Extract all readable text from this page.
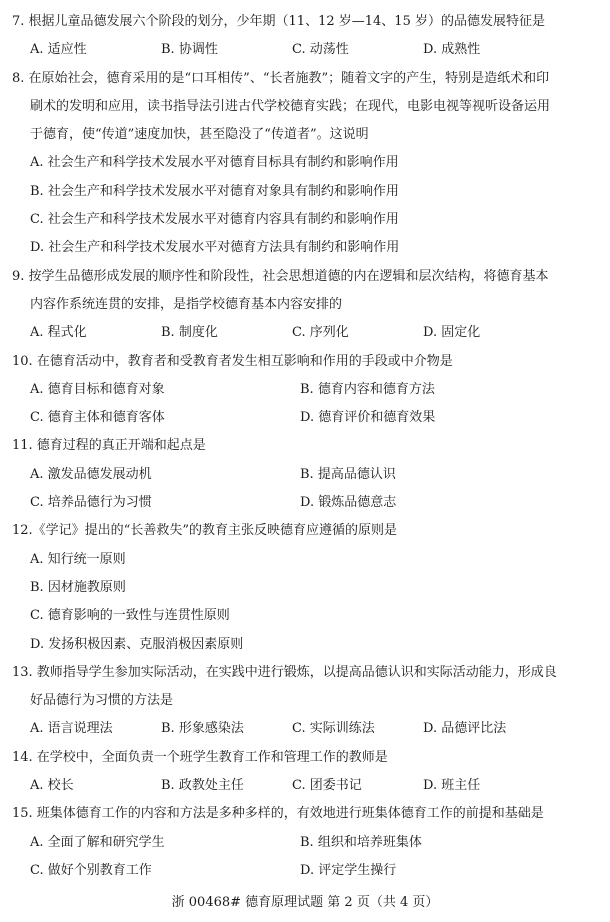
7. 根据儿童品德发展六个阶段的划分，少年期（11、12 岁—14、15 岁）的品德发展特征是
A. 适应性	B. 协调性	C. 动荡性	D. 成熟性
8. 在原始社会，德育采用的是“口耳相传”、“长者施教”；随着文字的产生，特别是造纸术和印
刷术的发明和应用，读书指导法引进古代学校德育实践；在现代，电影电视等视听设备运用
于德育，使“传道”速度加快，甚至隐没了“传道者”。这说明
A. 社会生产和科学技术发展水平对德育目标具有制约和影响作用
B. 社会生产和科学技术发展水平对德育对象具有制约和影响作用
C. 社会生产和科学技术发展水平对德育内容具有制约和影响作用
D. 社会生产和科学技术发展水平对德育方法具有制约和影响作用
9. 按学生品德形成发展的顺序性和阶段性，社会思想道德的内在逻辑和层次结构，将德育基本
内容作系统连贯的安排，是指学校德育基本内容安排的
A. 程式化	B. 制度化	C. 序列化	D. 固定化
10. 在德育活动中，教育者和受教育者发生相互影响和作用的手段或中介物是
A. 德育目标和德育对象	B. 德育内容和德育方法
C. 德育主体和德育客体	D. 德育评价和德育效果
11. 德育过程的真正开端和起点是
A. 激发品德发展动机	B. 提高品德认识
C. 培养品德行为习惯	D. 锻炼品德意志
12.《学记》提出的“长善救失”的教育主张反映德育应遵循的原则是
A. 知行统一原则
B. 因材施教原则
C. 德育影响的一致性与连贯性原则
D. 发扬积极因素、克服消极因素原则
13. 教师指导学生参加实际活动，在实践中进行锻炼，以提高品德认识和实际活动能力，形成良
好品德行为习惯的方法是
A. 语言说理法	B. 形象感染法	C. 实际训练法	D. 品德评比法
14. 在学校中，全面负责一个班学生教育工作和管理工作的教师是
A. 校长	B. 政教处主任	C. 团委书记	D. 班主任
15. 班集体德育工作的内容和方法是多种多样的，有效地进行班集体德育工作的前提和基础是
A. 全面了解和研究学生	B. 组织和培养班集体
C. 做好个别教育工作	D. 评定学生操行
浙 00468# 德育原理试题 第 2 页（共 4 页）
